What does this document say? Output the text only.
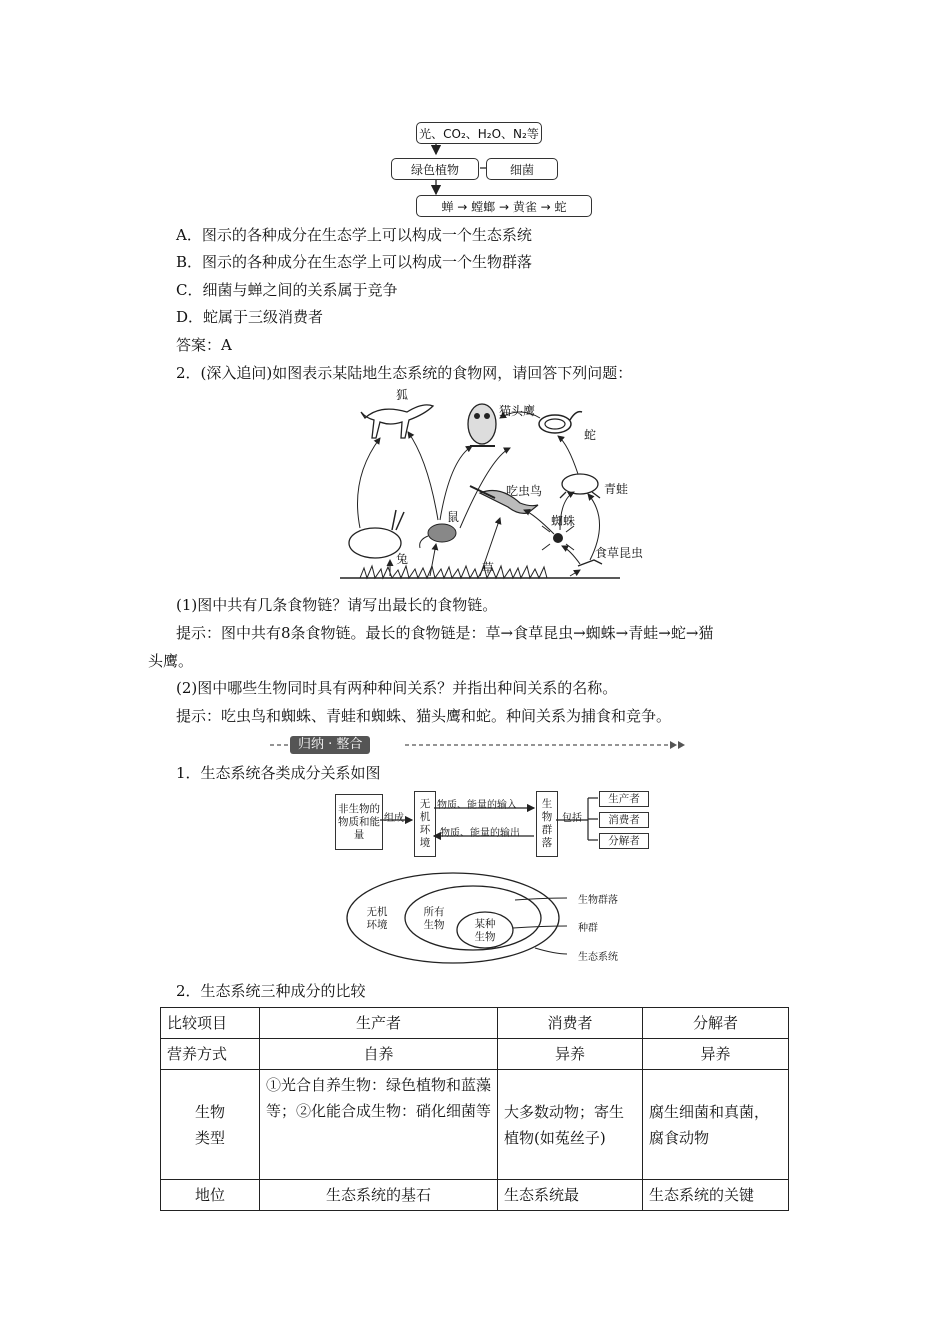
光、CO₂、H₂O、N₂等
绿色植物	细菌
蝉 → 螳螂 → 黄雀 → 蛇
A．图示的各种成分在生态学上可以构成一个生态系统
B．图示的各种成分在生态学上可以构成一个生物群落
C．细菌与蝉之间的关系属于竞争
D．蛇属于三级消费者
答案：A
2．(深入追问)如图表示某陆地生态系统的食物网，请回答下列问题：
狐
猫头鹰
蛇
青蛙
吃虫鸟
鼠	蜘蛛
兔
草
食草昆虫
(1)图中共有几条食物链？请写出最长的食物链。
提示：图中共有8条食物链。最长的食物链是：草→食草昆虫→蜘蛛→青蛙→蛇→猫
头鹰。
(2)图中哪些生物同时具有两种种间关系？并指出种间关系的名称。
提示：吃虫鸟和蜘蛛、青蛙和蜘蛛、猫头鹰和蛇。种间关系为捕食和竞争。
归纳 · 整合
1．生态系统各类成分关系如图
非生物的物质和能量
组成
无机环境
物质、能量的输入
物质、能量的输出
生物群落
包括
生产者
消费者
分解者
无机环境
所有生物	某种生物
生物群落
种群
生态系统
2．生态系统三种成分的比较
比较项目	生产者	消费者	分解者
营养方式	自养	异养	异养

生物类型	①光合自养生物：绿色植物和蓝藻等；②化能合成生物：硝化细菌等	大多数动物；寄生植物(如菟丝子)	腐生细菌和真菌，腐食动物
地位	生态系统的基石	生态系统最	生态系统的关键
